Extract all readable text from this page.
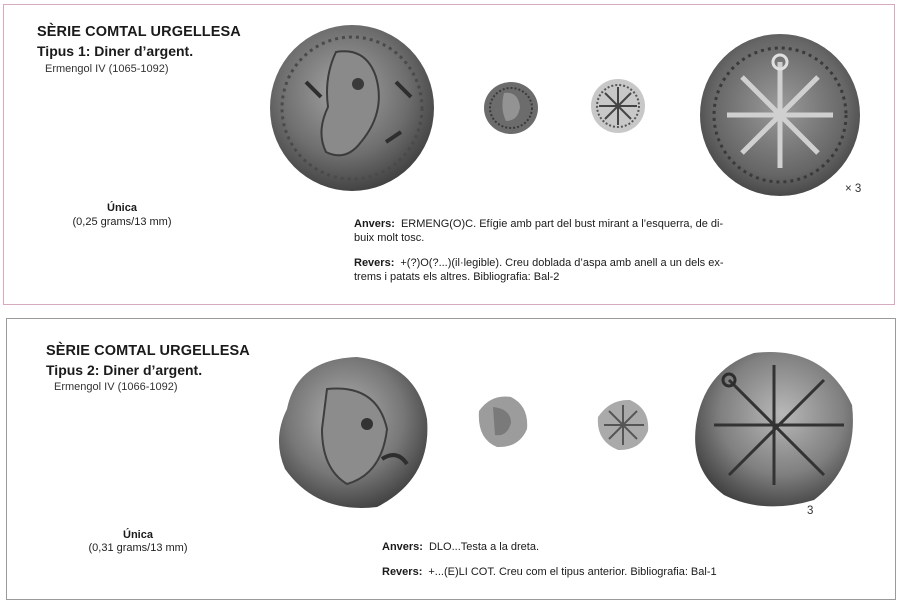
SÈRIE COMTAL URGELLESA
Tipus 1: Diner d’argent.
Ermengol IV (1065-1092)
× 3
Única
(0,25 grams/13 mm)	Anvers: ERMENG(O)C. Efígie amb part del bust mirant a l’esquerra, de di-
buix molt tosc.
Revers: +(?)O(?...)(il·legible). Creu doblada d’aspa amb anell a un dels ex-
trems i patats els altres. Bibliografia: Bal-2
SÈRIE COMTAL URGELLESA
Tipus 2: Diner d’argent.
Ermengol IV (1066-1092)
3
Única
(0,31 grams/13 mm)	Anvers: DLO...Testa a la dreta.
Revers: +...(E)LI COT. Creu com el tipus anterior. Bibliografia: Bal-1
